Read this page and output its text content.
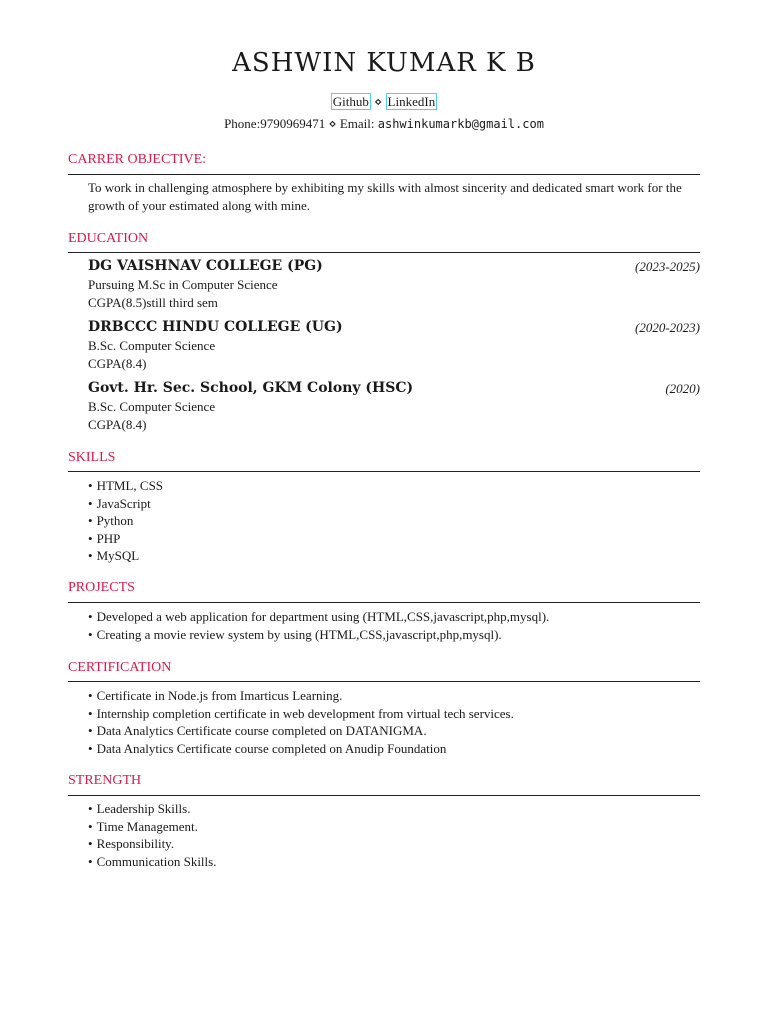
ASHWIN KUMAR K B
Github ⋄ LinkedIn
Phone:9790969471 ⋄ Email: ashwinkumarkb@gmail.com
CARRER OBJECTIVE:
To work in challenging atmosphere by exhibiting my skills with almost sincerity and dedicated smart work for the growth of your estimated along with mine.
EDUCATION
DG VAISHNAV COLLEGE (PG)	(2023-2025)
Pursuing M.Sc in Computer Science
CGPA(8.5)still third sem
DRBCCC HINDU COLLEGE (UG)	(2020-2023)
B.Sc. Computer Science
CGPA(8.4)
Govt. Hr. Sec. School, GKM Colony (HSC)	(2020)
B.Sc. Computer Science
CGPA(8.4)
SKILLS
• HTML, CSS
• JavaScript
• Python
• PHP
• MySQL
PROJECTS
• Developed a web application for department using (HTML,CSS,javascript,php,mysql).
• Creating a movie review system by using (HTML,CSS,javascript,php,mysql).
CERTIFICATION
• Certificate in Node.js from Imarticus Learning.
• Internship completion certificate in web development from virtual tech services.
• Data Analytics Certificate course completed on DATANIGMA.
• Data Analytics Certificate course completed on Anudip Foundation
STRENGTH
• Leadership Skills.
• Time Management.
• Responsibility.
• Communication Skills.
